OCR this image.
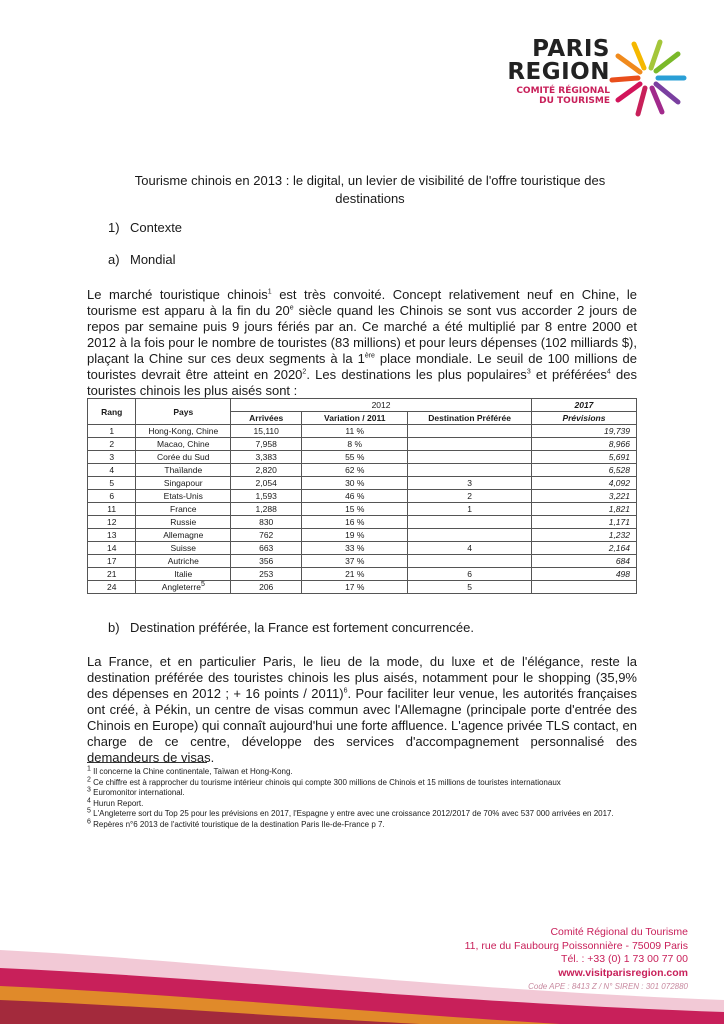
PARIS
REGION
COMITÉ RÉGIONAL
DU TOURISME
Tourisme chinois en 2013 : le digital, un levier de visibilité de l'offre touristique des destinations
1) Contexte
a) Mondial
Le marché touristique chinois$^1$ est très convoité. Concept relativement neuf en Chine, le tourisme est apparu à la fin du 20e siècle quand les Chinois se sont vus accorder 2 jours de repos par semaine puis 9 jours fériés par an. Ce marché a été multiplié par 8 entre 2000 et 2012 à la fois pour le nombre de touristes (83 millions) et pour leurs dépenses (102 milliards $), plaçant la Chine sur ces deux segments à la 1ère place mondiale. Le seuil de 100 millions de touristes devrait être atteint en 2020$^2$. Les destinations les plus populaires$^3$ et préférées$^4$ des touristes chinois les plus aisés sont :
Rang	Pays	2012			2017
		Arrivées	Variation / 2011	Destination Préférée	Prévisions
1	Hong-Kong, Chine	15,110	11 %		19,739
2	Macao, Chine	7,958	8 %		8,966
3	Corée du Sud	3,383	55 %		5,691
4	Thaïlande	2,820	62 %		6,528
5	Singapour	2,054	30 %	3	4,092
6	Etats-Unis	1,593	46 %	2	3,221
11	France	1,288	15 %	1	1,821
12	Russie	830	16 %		1,171
13	Allemagne	762	19 %		1,232
14	Suisse	663	33 %	4	2,164
17	Autriche	356	37 %		684
21	Italie	253	21 %	6	498
24	Angleterre$^5$	206	17 %	5	
b) Destination préférée, la France est fortement concurrencée.
La France, et en particulier Paris, le lieu de la mode, du luxe et de l'élégance, reste la destination préférée des touristes chinois les plus aisés, notamment pour le shopping (35,9% des dépenses en 2012 ; + 16 points / 2011)$^6$. Pour faciliter leur venue, les autorités françaises ont créé, à Pékin, un centre de visas commun avec l'Allemagne (principale porte d'entrée des Chinois en Europe) qui connaît aujourd'hui une forte affluence. L'agence privée TLS contact, en charge de ce centre, développe des services d'accompagnement personnalisé des demandeurs de visas.
$^1$ Il concerne la Chine continentale, Taïwan et Hong-Kong.
$^2$ Ce chiffre est à rapprocher du tourisme intérieur chinois qui compte 300 millions de Chinois et 15 millions de touristes internationaux
$^3$ Euromonitor international.
$^4$ Hurun Report.
$^5$ L'Angleterre sort du Top 25 pour les prévisions en 2017, l'Espagne y entre avec une croissance 2012/2017 de 70% avec 537 000 arrivées en 2017.
$^6$ Repères n°6 2013 de l'activité touristique de la destination Paris Ile-de-France p 7.
Comité Régional du Tourisme
11, rue du Faubourg Poissonnière - 75009 Paris
Tél. : +33 (0) 1 73 00 77 00
www.visitparisregion.com
Code APE : 8413 Z / N° SIREN : 301 072880
